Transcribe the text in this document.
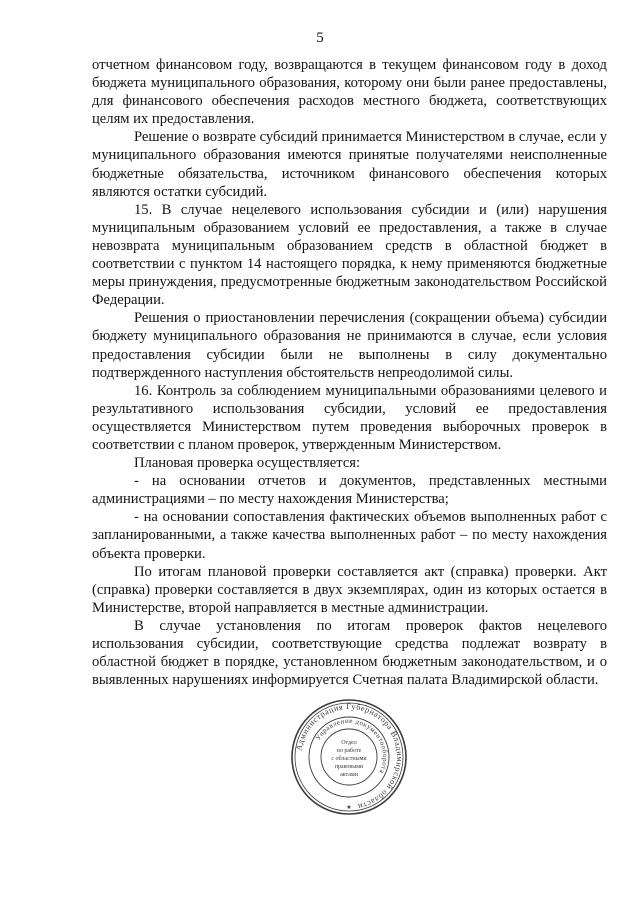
5

отчетном финансовом году, возвращаются в текущем финансовом году в доход бюджета муниципального образования, которому они были ранее предоставлены, для финансового обеспечения расходов местного бюджета, соответствующих целям их предоставления.

Решение о возврате субсидий принимается Министерством в случае, если у муниципального образования имеются принятые получателями неисполненные бюджетные обязательства, источником финансового обеспечения которых являются остатки субсидий.

15. В случае нецелевого использования субсидии и (или) нарушения муниципальным образованием условий ее предоставления, а также в случае невозврата муниципальным образованием средств в областной бюджет в соответствии с пунктом 14 настоящего порядка, к нему применяются бюджетные меры принуждения, предусмотренные бюджетным законодательством Российской Федерации.

Решения о приостановлении перечисления (сокращении объема) субсидии бюджету муниципального образования не принимаются в случае, если условия предоставления субсидии были не выполнены в силу документально подтвержденного наступления обстоятельств непреодолимой силы.

16. Контроль за соблюдением муниципальными образованиями целевого и результативного использования субсидии, условий ее предоставления осуществляется Министерством путем проведения выборочных проверок в соответствии с планом проверок, утвержденным Министерством.

Плановая проверка осуществляется:

- на основании отчетов и документов, представленных местными администрациями – по месту нахождения Министерства;

- на основании сопоставления фактических объемов выполненных работ с запланированными, а также качества выполненных работ – по месту нахождения объекта проверки.

По итогам плановой проверки составляется акт (справка) проверки. Акт (справка) проверки составляется в двух экземплярах, один из которых остается в Министерстве, второй направляется в местные администрации.

В случае установления по итогам проверок фактов нецелевого использования субсидии, соответствующие средства подлежат возврату в областной бюджет в порядке, установленном бюджетным законодательством, и о выявленных нарушениях информируется Счетная палата Владимирской области.

Администрация Губернатора Владимирской области
Управление документооборота
Отдел
по работе
с областными
правовыми
актами
★
